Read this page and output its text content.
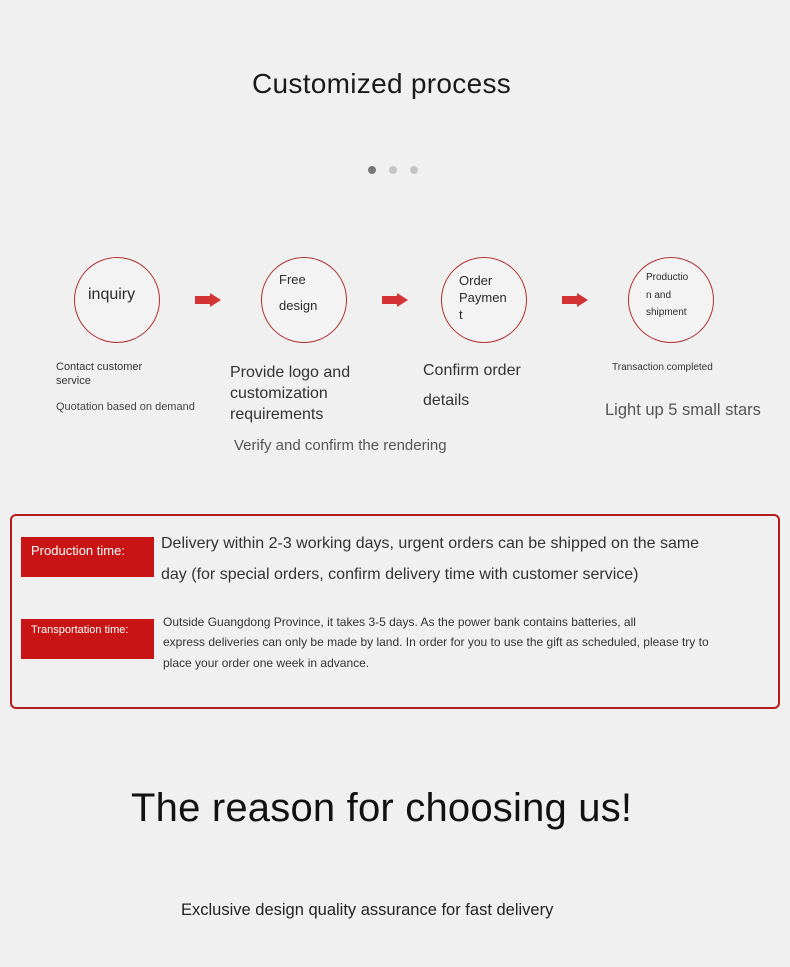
Customized process
inquiry
Free
design
Order
Paymen
t
Productio
n and
shipment
Contact customer
service
Quotation based on demand
Provide logo and
customization
requirements
Verify and confirm the rendering
Confirm order
details
Transaction completed
Light up 5 small stars
Production time:	Delivery within 2-3 working days, urgent orders can be shipped on the same
day (for special orders, confirm delivery time with customer service)
Transportation time:
Outside Guangdong Province, it takes 3-5 days. As the power bank contains batteries, all
express deliveries can only be made by land. In order for you to use the gift as scheduled, please try to
place your order one week in advance.
The reason for choosing us!
Exclusive design quality assurance for fast delivery
